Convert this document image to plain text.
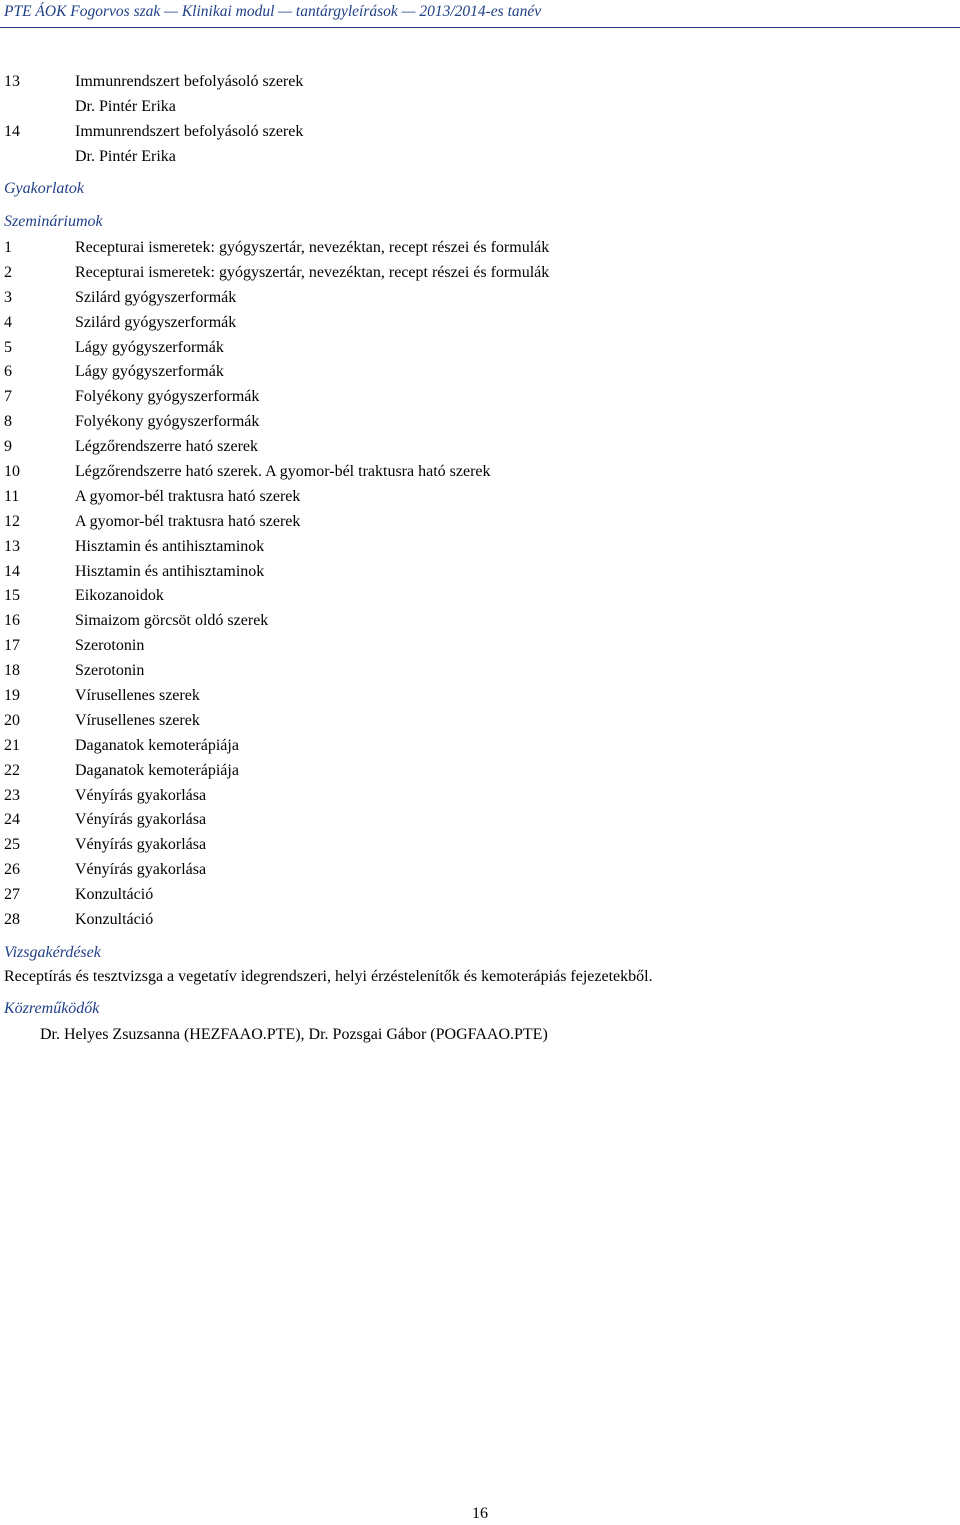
PTE ÁOK Fogorvos szak — Klinikai modul — tantárgyleírások — 2013/2014-es tanév
13	Immunrendszert befolyásoló szerek
Dr. Pintér Erika
14	Immunrendszert befolyásoló szerek
Dr. Pintér Erika
Gyakorlatok
Szemináriumok
1	Recepturai ismeretek: gyógyszertár, nevezéktan, recept részei és formulák
2	Recepturai ismeretek: gyógyszertár, nevezéktan, recept részei és formulák
3	Szilárd gyógyszerformák
4	Szilárd gyógyszerformák
5	Lágy gyógyszerformák
6	Lágy gyógyszerformák
7	Folyékony gyógyszerformák
8	Folyékony gyógyszerformák
9	Légzőrendszerre ható szerek
10	Légzőrendszerre ható szerek. A gyomor-bél traktusra ható szerek
11	A gyomor-bél traktusra ható szerek
12	A gyomor-bél traktusra ható szerek
13	Hisztamin és antihisztaminok
14	Hisztamin és antihisztaminok
15	Eikozanoidok
16	Simaizom görcsöt oldó szerek
17	Szerotonin
18	Szerotonin
19	Vírusellenes szerek
20	Vírusellenes szerek
21	Daganatok kemoterápiája
22	Daganatok kemoterápiája
23	Vényírás gyakorlása
24	Vényírás gyakorlása
25	Vényírás gyakorlása
26	Vényírás gyakorlása
27	Konzultáció
28	Konzultáció
Vizsgakérdések
Receptírás és tesztvizsga a vegetatív idegrendszeri, helyi érzéstelenítők és kemoterápiás fejezetekből.
Közreműködők
Dr. Helyes Zsuzsanna (HEZFAAO.PTE), Dr. Pozsgai Gábor (POGFAAO.PTE)
16
